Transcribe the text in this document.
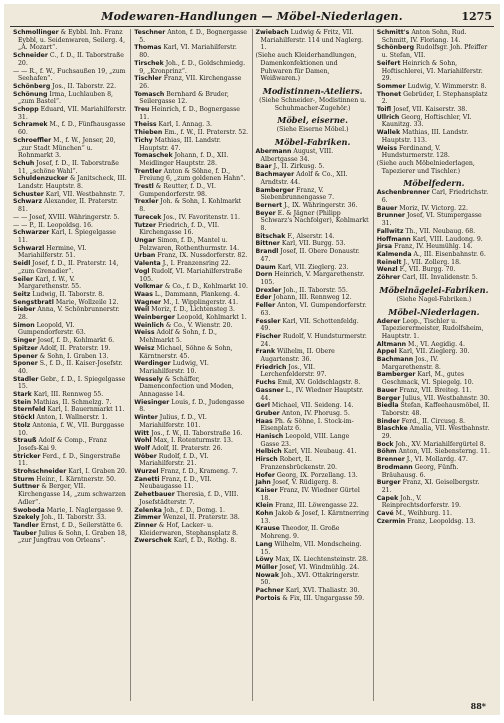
Modewaren-Handlungen — Möbel-Niederlagen.	1275

Schmollinger & Eybbl. Inh. Franz Eybbl, u. Seidenwaren, Seilerg. 4, „A. Mozart“.

Schneider C., f. D., II. Taborstraße 20.

— — R., f. W., Fuchsaußen 19, „zum Seehafen“.

Schönberg Jos., II. Taborstr. 22.

Schönung Irma, Luchlauben 8, „zum Bastel“.

Schopp Eduard, VII. Mariahilferstr. 31.

Schramek M., f. D., Fünfhausgasse 60.

Schroeffler M., f. W., Jenser, 20, „zur Stadt München“ u. Rohnmarkt 3.

Schuh Josef, f. D., II. Taborstraße 11, „schöne Wahl“.

Schuldenzucker & Janitscheck, III. Landstr. Hauptstr. 8.

Schuster Karl, VII. Westbahnstr. 7.

Schwarz Alexander, II. Praterstr. 81.

— — Josef, XVIII. Währingerstr. 5.

— — P., II. Leopoldsg. 16.

Schwarzer Karl, I. Spiegelgasse 11.

Schwarzl Hermine, VI. Mariahilferstr. 51.

Seidl Josef, f. D., II. Praterstr. 14, „zum Grenadier“.

Seiler Karl, f. W., V. Margarethenstr. 55.

Seitz Ludwig, II. Taborstr. 8.

Sengstbratl Marie, Wollzeile 12.

Sieber Anna, V. Schönbrunnerstr. 28.

Simon Leopold, VI. Gumpendorferstr. 63.

Singer Josef, f. D., Kohlmarkt 6.

Spitzer Adolf, II. Praterstr. 19.

Spener & Sohn, I. Graben 13.

Sponer S., f. D., II. Kaiser-Josefstr. 40.

Stadler Gebr., f. D., I. Spiegelgasse 15.

Stark Karl, III. Rennweg 55.

Stein Mathias, II. Schmelzg. 7.

Sternfeld Karl, I. Bauernmarkt 11.

Stöckl Anton, I. Wallnerstr. 1.

Stolz Antonia, f. W., VII. Burggasse 10.

Strauß Adolf & Comp., Franz Josefs-Kai 9.

Stricker Ferd., f. D., Singerstraße 11.

Strohschneider Karl, I. Graben 20.

Sturm Heinr., I. Kärntnerstr. 50.

Suttner & Berger, VII. Kirchengasse 14, „zum schwarzen Adler“.

Swoboda Marie, I. Naglergasse 9.

Szekely Joh., II. Taborstr. 33.

Tandler Ernst, f. D., Seilerstätte 6.

Tauber Julius & Sohn, I. Graben 18, „zur Jungfrau von Orleans“.

Teschner Anton, f. D., Bognergasse 5.

Thomas Karl, VI. Mariahilferstr. 80.

Tirschek Joh., f. D., Goldschmiedg. 9, „Kronprinz“.

Tischler Franz, VII. Kirchengasse 26.

Tomasch Bernhard & Bruder, Seilergasse 12.

Treu Heinrich, f. D., Bognergasse 11.

Theiss Karl, I. Annag. 3.

Thieben Em., f. W., II. Praterstr. 52.

Tichy Mathias, III. Landstr. Hauptstr. 47.

Tomaschek Johann, f. D., XII. Meidlinger Hauptstr. 28.

Trentler Anton & Söhne, f. D., Freiung 6, „zum goldenen Hahn“.

Trestl & Reutter, f. D., VI. Gumpendorferstr. 98.

Trexler Joh. & Sohn, I. Kohlmarkt 8.

Turecek Jos., IV. Favoritenstr. 11.

Tutzer Friedrich, f. D., VII. Kirchengasse 16.

Ungar Simon, f. D., Mantel u. Pelzwaren, Rothenthurmstr. 14.

Urban Franz, IX. Nussdorferstr. 82.

Valenta J., I. Franzensring 22.

Vogl Rudolf, VI. Mariahilferstraße 105.

Volkmar & Co., f. D., Kohlmarkt 10.

Waas L., Dammann, Plankeng. 4.

Wagner M., I. Wipplingerstr. 41.

Weil Moriz, f. D., Lichtensteg 3.

Weinberger Leopold, Kohlmarkt 1.

Weinlich & Co., V. Wienstr. 20.

Weiss Adolf & Sohn, f. D., Mehlmarkt 5.

Weisz Michael, Söhne & Sohn, Kärntnerstr. 45.

Werdinger Ludwig, VI. Mariahilferstr. 10.

Wessely & Schäffer, Damenconfection und Moden, Annagasse 14.

Wiesinger Louis, f. D., Judengasse 8.

Winter Julius, f. D., VI. Mariahilferstr. 101.

Witt Jos., f. W., II. Taborstraße 16.

Wohl Max, I. Rotenturmstr. 13.

Wolf Adolf, II. Praterstr. 26.

Wöber Rudolf, f. D., VI. Mariahilferstr. 21.

Wurzel Franz, f. D., Krameng. 7.

Zanetti Franz, f. D., VII. Neubaugasse 11.

Zehetbauer Theresia, f. D., VIII. Josefstädterstr. 7.

Zelenka Joh., f. D., Domg. 1.

Zimmer Wenzel, II. Praterstr. 38.

Zinner & Hof, Lacker- u. Kleiderwaren, Stephansplatz 8.

Zwerschek Karl, f. D., Rothg. 8.

Zwiebach Ludwig & Fritz, VII. Mariahilferstr. 114 und Naglerg. 1.

(Siehe auch Kleiderhandlungen, Damenkonfektionen und Puhwaren für Damen, Weißwaren.)

Modistinnen-Ateliers.
(Siehe Schneider-, Modistinnen u. Schuhmacher-Zugehör.)
Möbel, eiserne.
(Siehe Eiserne Möbel.)
Möbel-Fabriken.

Abermann August, VIII. Albertgasse 34.

Baar J., II. Zirkusg. 5.

Bachmayer Adolf & Co., XII. Arndtstr. 44.

Bamberger Franz, V. Siebenbrunnengasse 7.

Bernert J., IX. Währingerstr. 36.

Beyer E. & Jägner (Philipp Schwarz's Nachfolger), Kohlmarkt 8.

Bitschak F., Alserstr. 14.

Bittner Karl, VII. Burgg. 53.

Brandl Josef, II. Obere Donaustr. 47.

Daum Karl, VII. Zieglerg. 23.

Dorn Heinrich, V. Margarethenstr. 105.

Drexler Joh., II. Taborstr. 55.

Eder Johann, III. Rennweg 12.

Feller Anton, VI. Gumpendorferstr. 63.

Fessler Karl, VII. Schottenfeldg. 49.

Fischer Rudolf, V. Hundsturmerstr. 24.

Frank Wilhelm, II. Obere Augartenstr. 36.

Friedrich Jos., VII. Lerchenfelderstr. 97.

Fuchs Emil, XV. Goldschlagstr. 8.

Gassner L., IV. Wiedner Hauptstr. 44.

Gerl Michael, VII. Seideng. 14.

Gruber Anton, IV. Phorusg. 5.

Haas Ph. & Söhne, I. Stock-im-Eisenplatz 6.

Hanisch Leopold, VIII. Lange Gasse 23.

Helbich Karl, VII. Neubaug. 41.

Hirsch Robert, II. Franzensbrückenstr. 20.

Hofer Georg, IX. Porzellang. 13.

Jahn Josef, V. Rüdigerg. 8.

Kaiser Franz, IV. Wiedner Gürtel 18.

Klein Franz, III. Löwengasse 22.

Kohn Jakob & Josef, I. Kärntnerring 13.

Krause Theodor, II. Große Mohreng. 9.

Lang Wilhelm, VII. Mondscheing. 15.

Löwy Max, IX. Liechtensteinstr. 28.

Müller Josef, VI. Windmühlg. 24.

Nowak Joh., XVI. Ottakringerstr. 50.

Pachner Karl, XVI. Thaliastr. 30.

Portois & Fix, III. Ungargasse 59.

Schmitt's Anton Sohn, Rud. Schmitt, IV. Floriang. 14.

Schönberg Rudolfsgr. Joh. Pfeiffer u. Stefan, VII.

Seifert Heinrich & Sohn, Hoftischlerei, VI. Mariahilferstr. 29.

Sommer Ludwig, V. Wimmerstr. 8.

Thonet Gebrüder, I. Stephansplatz 2.

Toifl Josef, VII. Kaiserstr. 38.

Ullrich Georg, Hoftischler, VI. Kaunitzg. 33.

Wallek Mathias, III. Landstr. Hauptstr. 113.

Weiss Ferdinand, V. Hundsturmerstr. 128.

(Siehe auch Möbelniederlagen, Tapezierer und Tischler.)

Möbelfedern.

Aschenbrenner Carl, Friedrichstr. 6.

Bauer Moriz, IV. Victorg. 22.

Brunner Josef, VI. Stumpergasse 31.

Fallwitz Th., VII. Neubaug. 68.

Hoffmann Karl, VIII. Laudong. 9.

Jirsa Franz, IV. Heumühlg. 14.

Kalmenda A., III. Eisenbahnstr. 6.

Reinelt J., VII. Zollerg. 18.

Wenzl F., VII. Burgg. 70.

Zöhrer Carl, III. Invalidenstr. 5.

Möbelnägelei-Fabriken.
(Siehe Nagel-Fabriken.)
Möbel-Niederlagen.

Aderer Leop., Tischler u. Tapezierermeister, Rudolfsheim, Hauptstr. 1.

Altmann M., VI. Aegidig. 4.

Appel Karl, VII. Zieglerg. 30.

Bachmann Jos., IV. Margarethenstr. 8.

Bamberger Karl, M., gutes Geschmack, VI. Spiegelg. 10.

Bauer Franz, VII. Breiteg. 11.

Berger Julius, VII. Westbahnstr. 30.

Biedla Stefan, Kaffeehausmöbel, II. Taborstr. 48.

Binder Ferd., II. Circusg. 8.

Blaschke Amalia, VII. Westbahnstr. 29.

Bock Joh., XV. Mariahilfergürtel 8.

Böhm Anton, VII. Siebensterng. 11.

Brenner J., VI. Mollardg. 47.

Brodmann Georg, Fünfh. Bräuhausg. 6.

Burger Franz, XI. Geiselbergstr. 21.

Capek Joh., V. Reinprechtsdorferstr. 19.

Cavé M., Weihburg. 11.

Czermin Franz, Leopoldsg. 13.

88*
